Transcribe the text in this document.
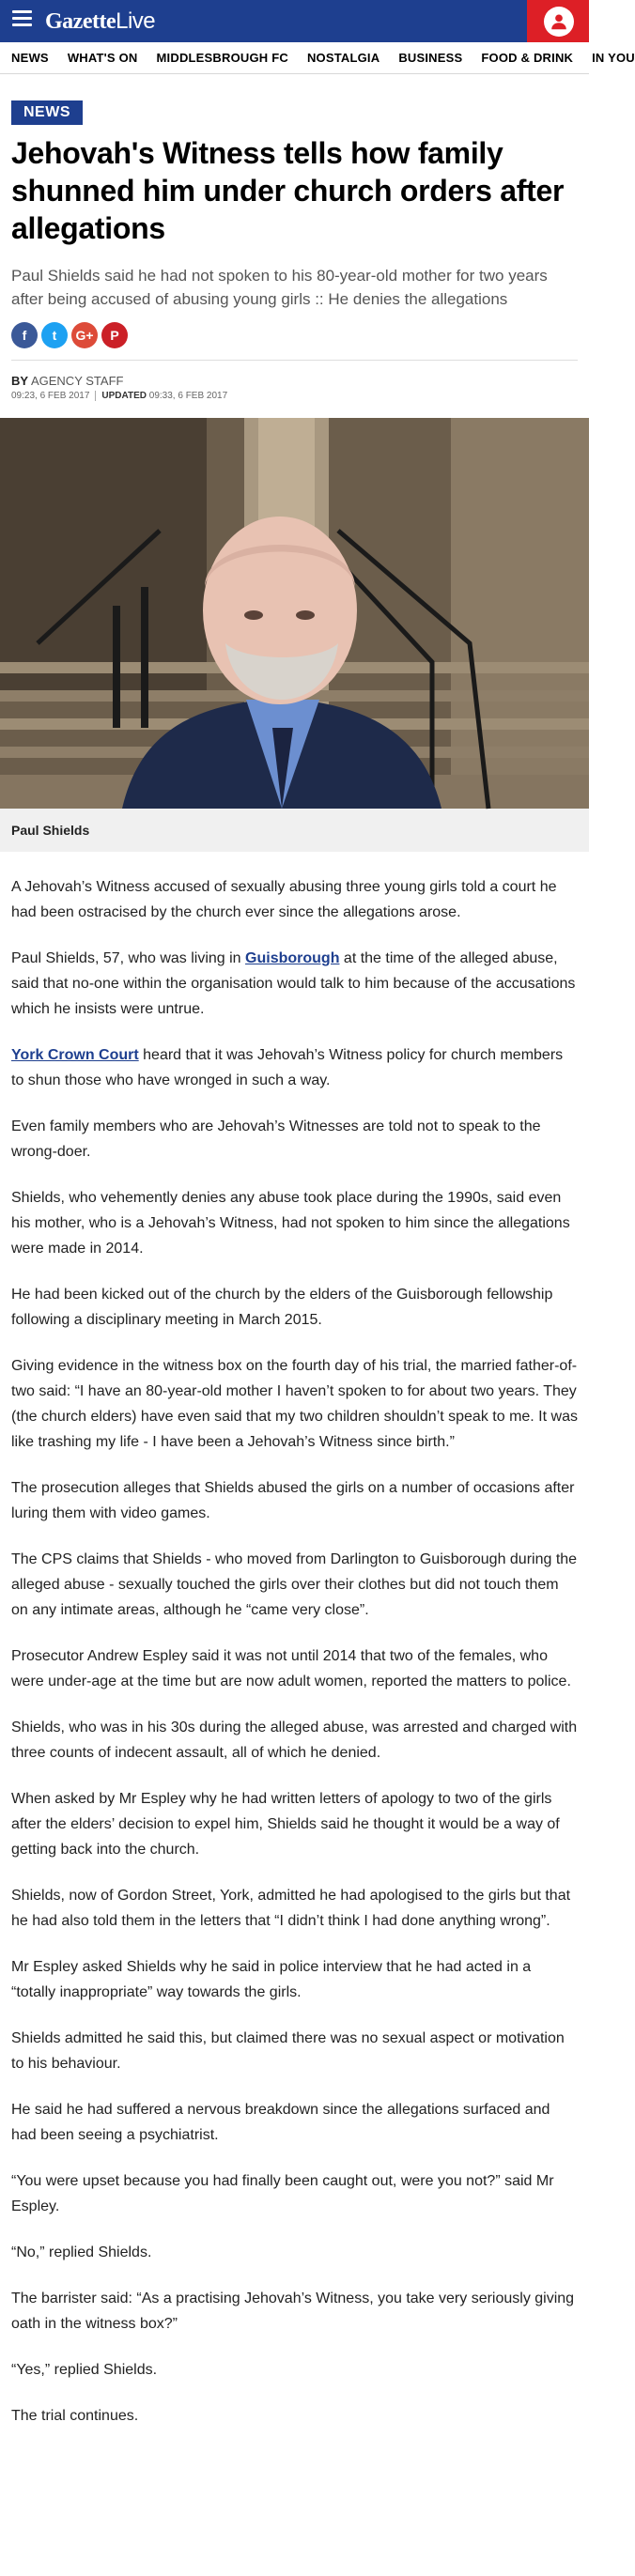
GazetteLive
NEWS WHAT'S ON MIDDLESBROUGH FC NOSTALGIA BUSINESS FOOD & DRINK IN YOU
NEWS
Jehovah's Witness tells how family shunned him under church orders after allegations
Paul Shields said he had not spoken to his 80-year-old mother for two years after being accused of abusing young girls :: He denies the allegations
f	t	G+	P
BY AGENCY STAFF
09:23, 6 FEB 2017 UPDATED 09:33, 6 FEB 2017
Paul Shields

A Jehovah’s Witness accused of sexually abusing three young girls told a court he had been ostracised by the church ever since the allegations arose.

Paul Shields, 57, who was living in Guisborough at the time of the alleged abuse, said that no-one within the organisation would talk to him because of the accusations which he insists were untrue.

York Crown Court heard that it was Jehovah’s Witness policy for church members to shun those who have wronged in such a way.

Even family members who are Jehovah’s Witnesses are told not to speak to the wrong-doer.

Shields, who vehemently denies any abuse took place during the 1990s, said even his mother, who is a Jehovah’s Witness, had not spoken to him since the allegations were made in 2014.

He had been kicked out of the church by the elders of the Guisborough fellowship following a disciplinary meeting in March 2015.

Giving evidence in the witness box on the fourth day of his trial, the married father-of-two said: “I have an 80-year-old mother I haven’t spoken to for about two years. They (the church elders) have even said that my two children shouldn’t speak to me. It was like trashing my life - I have been a Jehovah’s Witness since birth.”

The prosecution alleges that Shields abused the girls on a number of occasions after luring them with video games.

The CPS claims that Shields - who moved from Darlington to Guisborough during the alleged abuse - sexually touched the girls over their clothes but did not touch them on any intimate areas, although he “came very close”.

Prosecutor Andrew Espley said it was not until 2014 that two of the females, who were under-age at the time but are now adult women, reported the matters to police.

Shields, who was in his 30s during the alleged abuse, was arrested and charged with three counts of indecent assault, all of which he denied.

When asked by Mr Espley why he had written letters of apology to two of the girls after the elders’ decision to expel him, Shields said he thought it would be a way of getting back into the church.

Shields, now of Gordon Street, York, admitted he had apologised to the girls but that he had also told them in the letters that “I didn’t think I had done anything wrong”.

Mr Espley asked Shields why he said in police interview that he had acted in a “totally inappropriate” way towards the girls.

Shields admitted he said this, but claimed there was no sexual aspect or motivation to his behaviour.

He said he had suffered a nervous breakdown since the allegations surfaced and had been seeing a psychiatrist.

“You were upset because you had finally been caught out, were you not?” said Mr Espley.

“No,” replied Shields.

The barrister said: “As a practising Jehovah’s Witness, you take very seriously giving oath in the witness box?”

“Yes,” replied Shields.

The trial continues.
